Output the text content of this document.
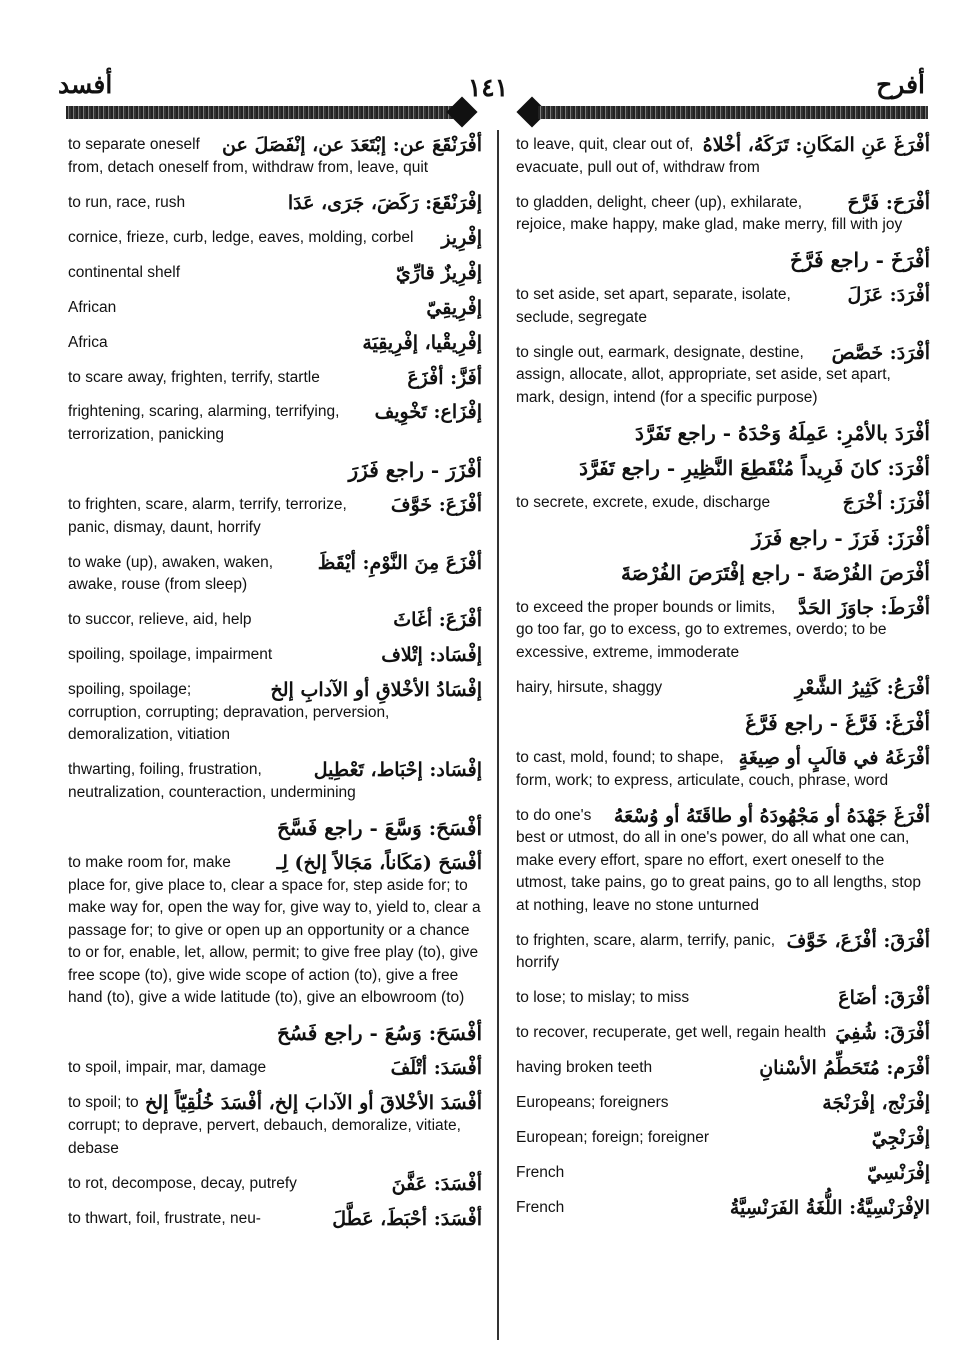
أفسد	١٤١	أفرح
أفْرَنْقَعَ عن: إبْتَعَدَ عن، إنْفَصَلَ عن
to separate oneself from, detach oneself from, withdraw from, leave, quit
إفْرَنْقَعَ: رَكَضَ، جَرَى، عَدَا
to run, race, rush
إفْرِيز
cornice, frieze, curb, ledge, eaves, molding, corbel
إفْرِيزٌ قارِّيّ
continental shelf
إفْرِيقِيّ
African
إفْرِيقْيا، إفْرِيقِيَة
Africa
أفَزَّ: أفْزَعَ
to scare away, frighten, terrify, startle
إفْزَاع: تَخْوِيف
frightening, scaring, alarming, terrifying, terrorization, panicking
أفْزَرَ - راجع فَزَرَ
أفْزَعَ: خَوَّفَ
to frighten, scare, alarm, terrify, terrorize, panic, dismay, daunt, horrify
أفْزَعَ مِنَ النَّوْمِ: أيْقَظَ
to wake (up), awaken, waken, awake, rouse (from sleep)
أفْزَعَ: أغَاثَ
to succor, relieve, aid, help
إفْسَاد: إتْلاف
spoiling, spoilage, impairment
إفْسَادُ الأخْلاقِ أو الآدابِ إلخ
spoiling, spoilage; corruption, corrupting; depravation, perversion, demoralization, vitiation
إفْسَاد: إحْبَاط، تَعْطِيل
thwarting, foiling, frustration, neutralization, counteraction, undermining
أفْسَحَ: وَسَّعَ - راجع فَسَّحَ
أفْسَحَ (مَكَاناً، مَجَالاً إلخ) لِـ
to make room for, make place for, give place to, clear a space for, step aside for; to make way for, open the way for, give way to, yield to, clear a passage for; to give or open up an opportunity or a chance to or for, enable, let, allow, permit; to give free play (to), give free scope (to), give wide scope of action (to), give a free hand (to), give a wide latitude (to), give an elbowroom (to)
أفْسَحَ: وَسُعَ - راجع فَسُحَ
أفْسَدَ: أتْلَفَ
to spoil, impair, mar, damage
أفْسَدَ الأخْلاقَ أو الآدابَ إلخ، أفْسَدَ خُلُقِيّاً إلخ
to spoil; to corrupt; to deprave, pervert, debauch, demoralize, vitiate, debase
أفْسَدَ: عَفَّنَ
to rot, decompose, decay, putrefy
أفْسَدَ: أحْبَطَ، عَطَّلَ
to thwart, foil, frustrate, neu-
أفْرَغَ عَنِ المَكَانِ: تَرَكَهُ، أخْلاهُ
to leave, quit, clear out of, evacuate, pull out of, withdraw from
أفْرَحَ: فَرَّحَ
to gladden, delight, cheer (up), exhilarate, rejoice, make happy, make glad, make merry, fill with joy
أفْرَخَ - راجع فَرَّخَ
أفْرَدَ: عَزَلَ
to set aside, set apart, separate, isolate, seclude, segregate
أفْرَدَ: خَصَّصَ
to single out, earmark, designate, destine, assign, allocate, allot, appropriate, set aside, set apart, mark, design, intend (for a specific purpose)
أفْرَدَ بالأمْرِ: عَمِلَهُ وَحْدَهُ - راجع تَفَرَّدَ
أفْرَدَ: كانَ فَرِيداً مُنْقَطِعَ النَّظِيرِ - راجع تَفَرَّدَ
أفْرَزَ: أخْرَجَ
to secrete, excrete, exude, discharge
أفْرَزَ: فَرَزَ - راجع فَرَزَ
أفْرَصَ الفُرْصَةَ - راجع إفْتَرَصَ الفُرْصَةَ
أفْرَطَ: جاوَزَ الحَدَّ
to exceed the proper bounds or limits, go too far, go to excess, go to extremes, overdo; to be excessive, extreme, immoderate
أفْرَعُ: كَثِيرُ الشَّعْرِ
hairy, hirsute, shaggy
أفْرَغَ: فَرَّغَ - راجع فَرَّغَ
أفْرَغَهُ في قالَبٍ أو صِيغَةٍ
to cast, mold, found; to shape, form, work; to express, articulate, couch, phrase, word
أفْرَغَ جَهْدَهُ أو مَجْهُودَهُ أو طاقَتَهُ أو وُسْعَهُ
to do one's best or utmost, do all in one's power, do all what one can, make every effort, spare no effort, exert oneself to the utmost, take pains, go to great pains, go to all lengths, stop at nothing, leave no stone unturned
أفْرَقَ: أفْزَعَ، خَوَّفَ
to frighten, scare, alarm, terrify, panic, horrify
أفْرَقَ: أضَاعَ
to lose; to mislay; to miss
أفْرَقَ: شُفِيَ
to recover, recuperate, get well, regain health
أفْرَم: مُتَحَطِّمُ الأسْنانِ
having broken teeth
إفْرَنْج، إفْرَنْجَة
Europeans; foreigners
إفْرَنْجِيّ
European; foreign; foreigner
إفْرَنْسِيّ
French
الإفْرَنْسِيَّةُ: اللُّغَةُ الفَرَنْسِيَّةُ
French
